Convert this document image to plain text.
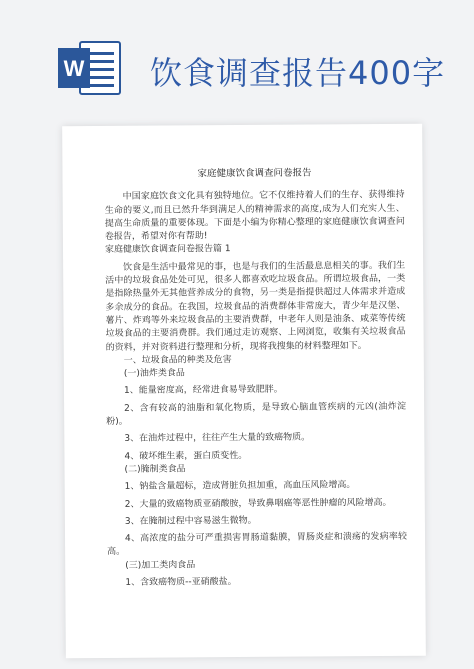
W 饮食调查报告400字
家庭健康饮食调查问卷报告

中国家庭饮食文化具有独特地位。它不仅维持着人们的生存、获得维持生命的要义,而且已然升华到满足人的精神需求的高度,成为人们充实人生、提高生命质量的重要体现。下面是小编为你精心整理的家庭健康饮食调查问卷报告，希望对你有帮助!

家庭健康饮食调查问卷报告篇 1

饮食是生活中最常见的事，也是与我们的生活最息息相关的事。我们生活中的垃圾食品处处可见，很多人都喜欢吃垃圾食品。所谓垃圾食品，一类是指除热量外无其他营养成分的食物，另一类是指提供超过人体需求并造成多余成分的食品。在我国，垃圾食品的消费群体非常庞大，青少年是汉堡、薯片、炸鸡等外来垃圾食品的主要消费群，中老年人则是油条、咸菜等传统垃圾食品的主要消费群。我们通过走访观察、上网浏览，收集有关垃圾食品的资料，并对资料进行整理和分析，现将我搜集的材料整理如下。

一、垃圾食品的种类及危害

(一)油炸类食品

1、能量密度高，经常进食易导致肥胖。

2、含有较高的油脂和氧化物质，是导致心脑血管疾病的元凶(油炸淀粉)。

3、在油炸过程中，往往产生大量的致癌物质。

4、破坏维生素，蛋白质变性。

(二)腌制类食品

1、钠盐含量超标，造成肾脏负担加重，高血压风险增高。

2、大量的致癌物质亚硝酸胺，导致鼻咽癌等恶性肿瘤的风险增高。

3、在腌制过程中容易滋生微物。

4、高浓度的盐分可严重损害胃肠道黏膜，胃肠炎症和溃疡的发病率较高。

(三)加工类肉食品

1、含致癌物质--亚硝酸盐。
